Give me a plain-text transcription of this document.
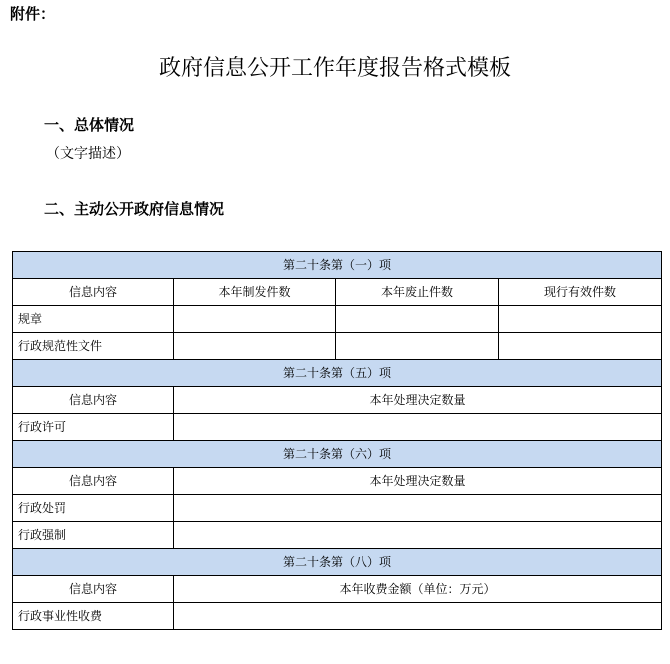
附件：
政府信息公开工作年度报告格式模板
一、总体情况
（文字描述）
二、主动公开政府信息情况
第二十条第（一）项			
信息内容	本年制发件数	本年废止件数	现行有效件数
规章			
行政规范性文件			
第二十条第（五）项			
信息内容	本年处理决定数量		
行政许可			
第二十条第（六）项			
信息内容	本年处理决定数量		
行政处罚			
行政强制			
第二十条第（八）项			
信息内容	本年收费金额（单位：万元）		
行政事业性收费			
